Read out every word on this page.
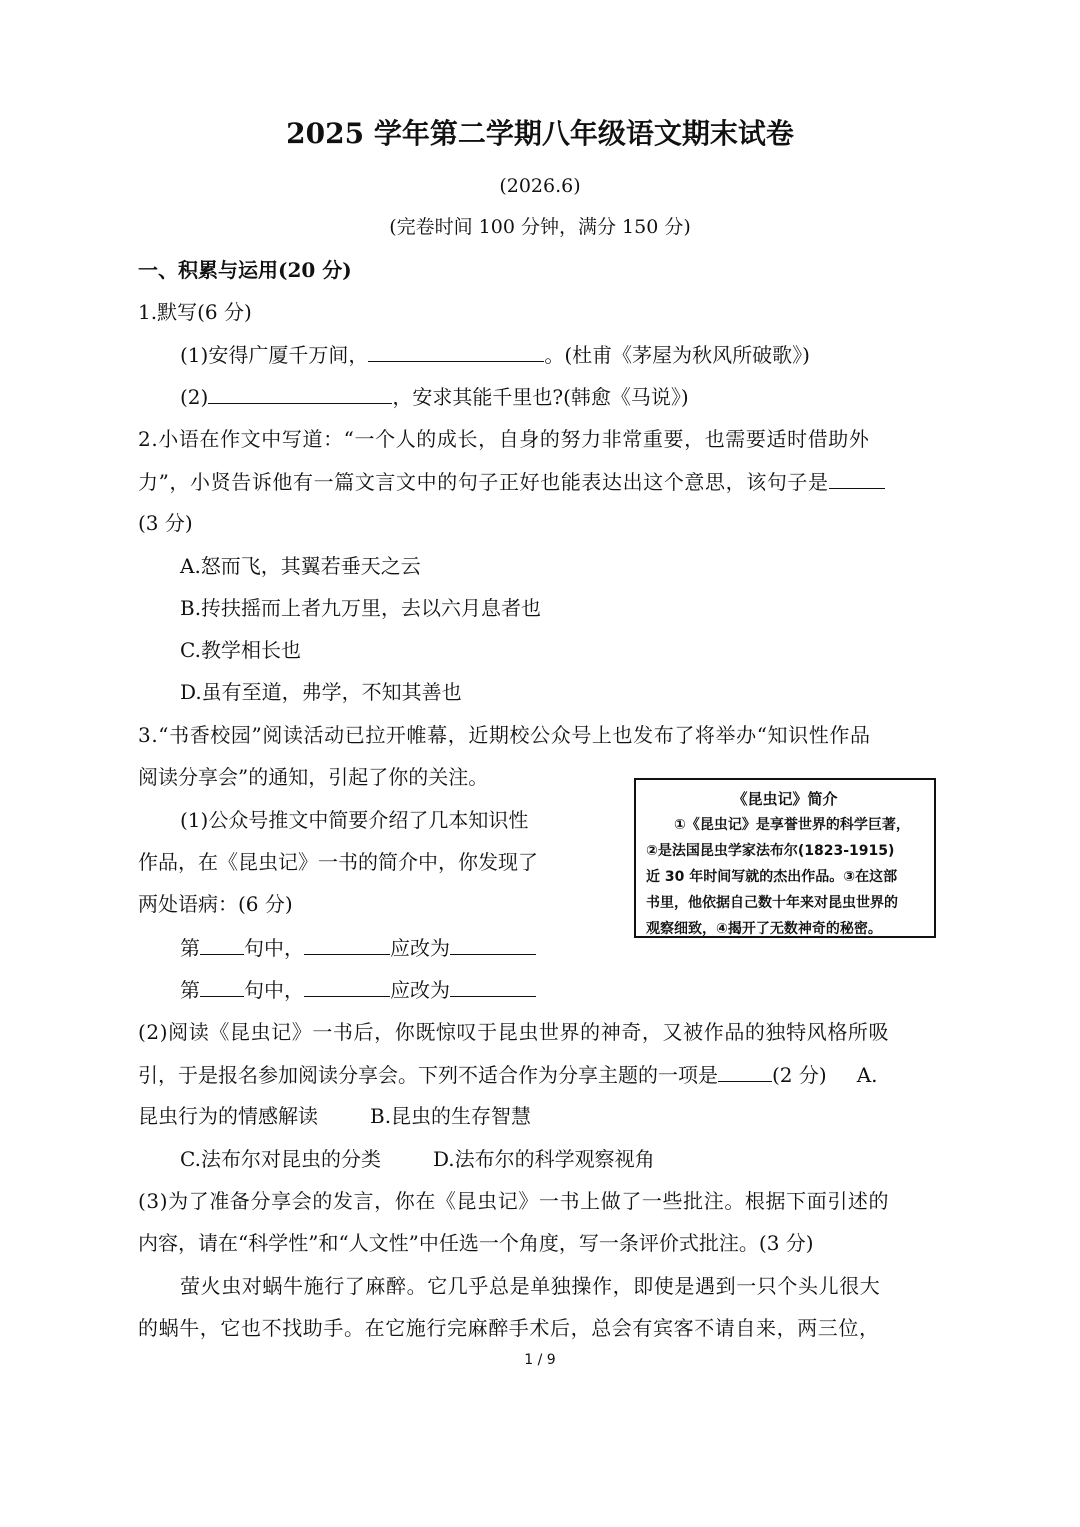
2025 学年第二学期八年级语文期末试卷
(2026.6)
(完卷时间 100 分钟，满分 150 分)
一、积累与运用(20 分)
1.默写(6 分)
(1)安得广厦千万间，	。(杜甫《茅屋为秋风所破歌》)
(2)	，安求其能千里也?(韩愈《马说》)
2.小语在作文中写道：“一个人的成长，自身的努力非常重要，也需要适时借助外
力”，小贤告诉他有一篇文言文中的句子正好也能表达出这个意思，该句子是
(3 分)
A.怒而飞，其翼若垂天之云
B.抟扶摇而上者九万里，去以六月息者也
C.教学相长也
D.虽有至道，弗学，不知其善也
3.“书香校园”阅读活动已拉开帷幕，近期校公众号上也发布了将举办“知识性作品
阅读分享会”的通知，引起了你的关注。
《昆虫记》简介

①《昆虫记》是享誉世界的科学巨著，

②是法国昆虫学家法布尔(1823-1915)
近 30 年时间写就的杰出作品。③在这部
书里，他依据自己数十年来对昆虫世界的
观察细致，④揭开了无数神奇的秘密。
(1)公众号推文中简要介绍了几本知识性
作品，在《昆虫记》一书的简介中，你发现了
两处语病：(6 分)
第 句中，	应改为
第 句中，	应改为
(2)阅读《昆虫记》一书后，你既惊叹于昆虫世界的神奇，又被作品的独特风格所吸
引，于是报名参加阅读分享会。下列不适合作为分享主题的一项是	(2 分) A.
昆虫行为的情感解读	B.昆虫的生存智慧
C.法布尔对昆虫的分类	D.法布尔的科学观察视角
(3)为了准备分享会的发言，你在《昆虫记》一书上做了一些批注。根据下面引述的
内容，请在“科学性”和“人文性”中任选一个角度，写一条评价式批注。(3 分)
萤火虫对蜗牛施行了麻醉。它几乎总是单独操作，即使是遇到一只个头儿很大
的蜗牛，它也不找助手。在它施行完麻醉手术后，总会有宾客不请自来，两三位，
1 / 9
